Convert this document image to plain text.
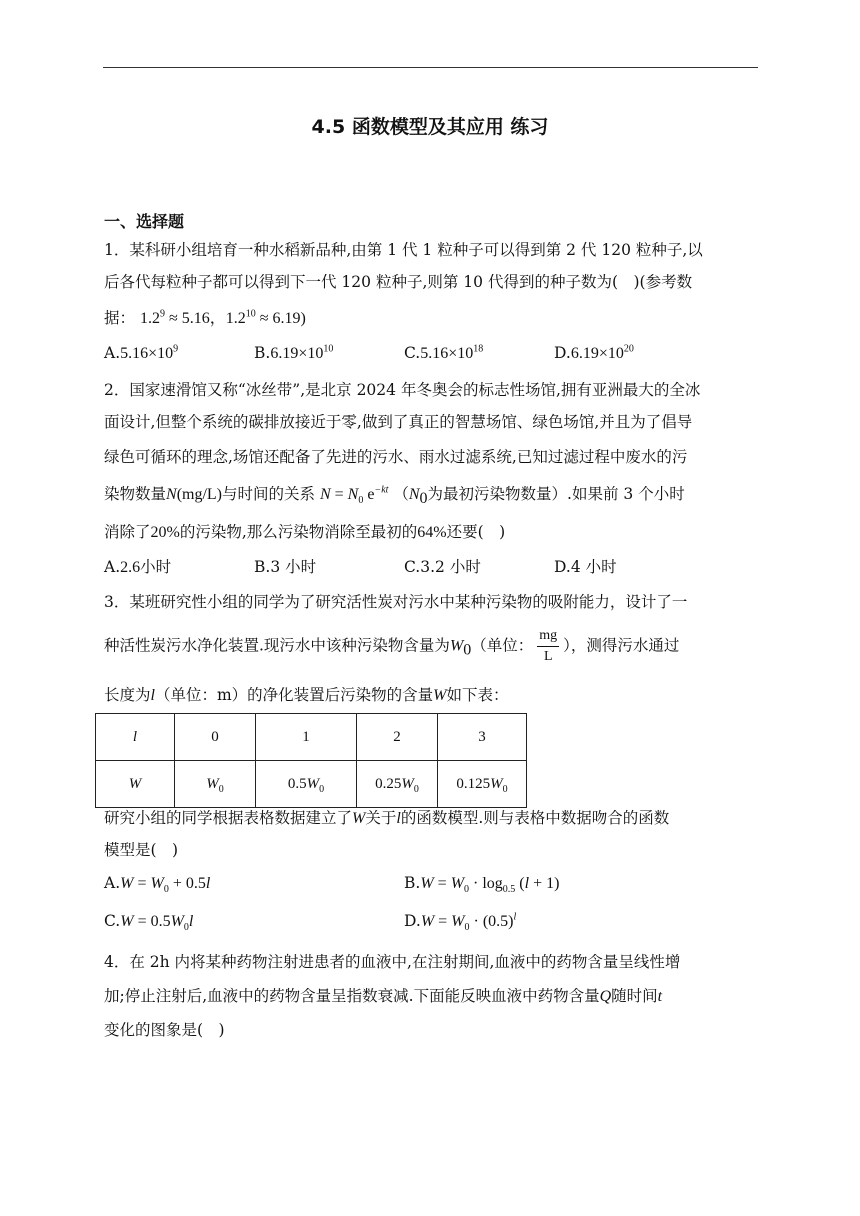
4.5 函数模型及其应用 练习
一、选择题
1．某科研小组培育一种水稻新品种,由第 1 代 1 粒种子可以得到第 2 代 120 粒种子,以
后各代每粒种子都可以得到下一代 120 粒种子,则第 10 代得到的种子数为(　)(参考数
据： $1.2^9 \approx 5.16$，$1.2^{10} \approx 6.19$)
$A.5.16\times 10^9$	$B.6.19\times 10^{10}$	$C.5.16\times 10^{18}$	$D.6.19\times 10^{20}$
2．国家速滑馆又称“冰丝带”,是北京 2024 年冬奥会的标志性场馆,拥有亚洲最大的全冰
面设计,但整个系统的碳排放接近于零,做到了真正的智慧场馆、绿色场馆,并且为了倡导
绿色可循环的理念,场馆还配备了先进的污水、雨水过滤系统,已知过滤过程中废水的污
染物数量N(mg/L)与时间的关系 $N = N_0$ $e^{-kt}$ （$N_0$为最初污染物数量）.如果前 3 个小时
消除了20%的污染物,那么污染物消除至最初的64%还要(　)
A.2.6小时	B.3 小时	C.3.2 小时	D.4 小时
3．某班研究性小组的同学为了研究活性炭对污水中某种污染物的吸附能力，设计了一
种活性炭污水净化装置.现污水中该种污染物含量为$W_0$（单位： $\frac{mg}{L}$ ），测得污水通过
长度为l（单位：m）的净化装置后污染物的含量W如下表：
l	0	1	2	3
W	$W_0$	$0.5W_0$	$0.25W_0$	$0.125W_0$
研究小组的同学根据表格数据建立了W关于l的函数模型.则与表格中数据吻合的函数
模型是(　)
$A.W = W_0 + 0.5l$	$B.W = W_0 \cdot \log_{0.5} (l + 1)$
$C.W = 0.5W_0l$	$D.W = W_0 \cdot (0.5)^l$
4．在 2h 内将某种药物注射进患者的血液中,在注射期间,血液中的药物含量呈线性增
加;停止注射后,血液中的药物含量呈指数衰减.下面能反映血液中药物含量Q随时间t
变化的图象是(　)
